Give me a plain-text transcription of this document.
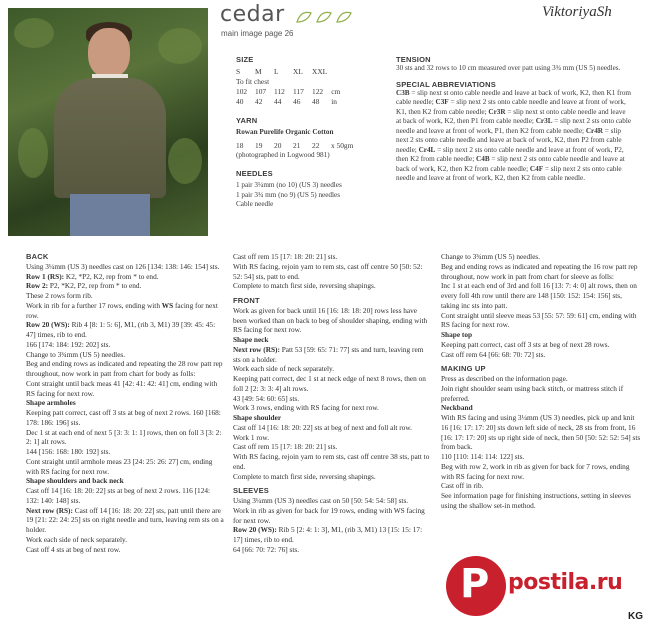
cedar
main image page 26
ViktoriyaSh
SIZE
S	M	L	XL	XXL	
To fit chest					
102	107	112	117	122	cm
40	42	44	46	48	in
YARN
Rowan Purelife Organic Cotton
18	19	20	21	22	x 50gm
(photographed in Logwood 981)
NEEDLES
1 pair 3¼mm (no 10) (US 3) needles
1 pair 3¾ mm (no 9) (US 5) needles
Cable needle
TENSION
30 sts and 32 rows to 10 cm measured over patt using 3¾ mm (US 5) needles.
SPECIAL ABBREVIATIONS
C3B = slip next st onto cable needle and leave at back of work, K2, then K1 from cable needle; C3F = slip next 2 sts onto cable needle and leave at front of work, K1, then K2 from cable needle; Cr3R = slip next st onto cable needle and leave at back of work, K2, then P1 from cable needle; Cr3L = slip next 2 sts onto cable needle and leave at front of work, P1, then K2 from cable needle; Cr4R = slip next 2 sts onto cable needle and leave at back of work, K2, then P2 from cable needle; Cr4L = slip next 2 sts onto cable needle and leave at front of work, P2, then K2 from cable needle; C4B = slip next 2 sts onto cable needle and leave at back of work, K2, then K2 from cable needle; C4F = slip next 2 sts onto cable needle and leave at front of work, K2, then K2 from cable needle.

BACK

Using 3¼mm (US 3) needles cast on 126 [134: 138: 146: 154] sts.

Row 1 (RS): K2, *P2, K2, rep from * to end.

Row 2: P2, *K2, P2, rep from * to end.

These 2 rows form rib.

Work in rib for a further 17 rows, ending with WS facing for next row.

Row 20 (WS): Rib 4 [8: 1: 5: 6], M1, (rib 3, M1) 39 [39: 45: 45: 47] times, rib to end.

166 [174: 184: 192: 202] sts.

Change to 3¾mm (US 5) needles.

Beg and ending rows as indicated and repeating the 28 row patt rep throughout, now work in patt from chart for body as folls:

Cont straight until back meas 41 [42: 41: 42: 41] cm, ending with RS facing for next row.

Shape armholes

Keeping patt correct, cast off 3 sts at beg of next 2 rows. 160 [168: 178: 186: 196] sts.

Dec 1 st at each end of next 5 [3: 3: 1: 1] rows, then on foll 3 [3: 2: 2: 1] alt rows.

144 [156: 168: 180: 192] sts.

Cont straight until armhole meas 23 [24: 25: 26: 27] cm, ending with RS facing for next row.

Shape shoulders and back neck

Cast off 14 [16: 18: 20: 22] sts at beg of next 2 rows. 116 [124: 132: 140: 148] sts.

Next row (RS): Cast off 14 [16: 18: 20: 22] sts, patt until there are 19 [21: 22: 24: 25] sts on right needle and turn, leaving rem sts on a holder.

Work each side of neck separately.

Cast off 4 sts at beg of next row.

Cast off rem 15 [17: 18: 20: 21] sts.

With RS facing, rejoin yarn to rem sts, cast off centre 50 [50: 52: 52: 54] sts, patt to end.

Complete to match first side, reversing shapings.

FRONT

Work as given for back until 16 [16: 18: 18: 20] rows less have been worked than on back to beg of shoulder shaping, ending with RS facing for next row.

Shape neck

Next row (RS): Patt 53 [59: 65: 71: 77] sts and turn, leaving rem sts on a holder.

Work each side of neck separately.

Keeping patt correct, dec 1 st at neck edge of next 8 rows, then on foll 2 [2: 3: 3: 4] alt rows.

43 [49: 54: 60: 65] sts.

Work 3 rows, ending with RS facing for next row.

Shape shoulder

Cast off 14 [16: 18: 20: 22] sts at beg of next and foll alt row.

Work 1 row.

Cast off rem 15 [17: 18: 20: 21] sts.

With RS facing, rejoin yarn to rem sts, cast off centre 38 sts, patt to end.

Complete to match first side, reversing shapings.

SLEEVES

Using 3¼mm (US 3) needles cast on 50 [50: 54: 54: 58] sts.

Work in rib as given for back for 19 rows, ending with WS facing for next row.

Row 20 (WS): Rib 5 [2: 4: 1: 3], M1, (rib 3, M1) 13 [15: 15: 17: 17] times, rib to end.

64 [66: 70: 72: 76] sts.

Change to 3¾mm (US 5) needles.

Beg and ending rows as indicated and repeating the 16 row patt rep throughout, now work in patt from chart for sleeve as folls:

Inc 1 st at each end of 3rd and foll 16 [13: 7: 4: 0] alt rows, then on every foll 4th row until there are 148 [150: 152: 154: 156] sts, taking inc sts into patt.

Cont straight until sleeve meas 53 [55: 57: 59: 61] cm, ending with RS facing for next row.

Shape top

Keeping patt correct, cast off 3 sts at beg of next 28 rows.

Cast off rem 64 [66: 68: 70: 72] sts.

MAKING UP

Press as described on the information page.

Join right shoulder seam using back stitch, or mattress stitch if preferred.

Neckband

With RS facing and using 3¼mm (US 3) needles, pick up and knit 16 [16: 17: 17: 20] sts down left side of neck, 28 sts from front, 16 [16: 17: 17: 20] sts up right side of neck, then 50 [50: 52: 52: 54] sts from back.

110 [110: 114: 114: 122] sts.

Beg with row 2, work in rib as given for back for 7 rows, ending with RS facing for next row.

Cast off in rib.

See information page for finishing instructions, setting in sleeves using the shallow set-in method.

P postila.ru
KG
